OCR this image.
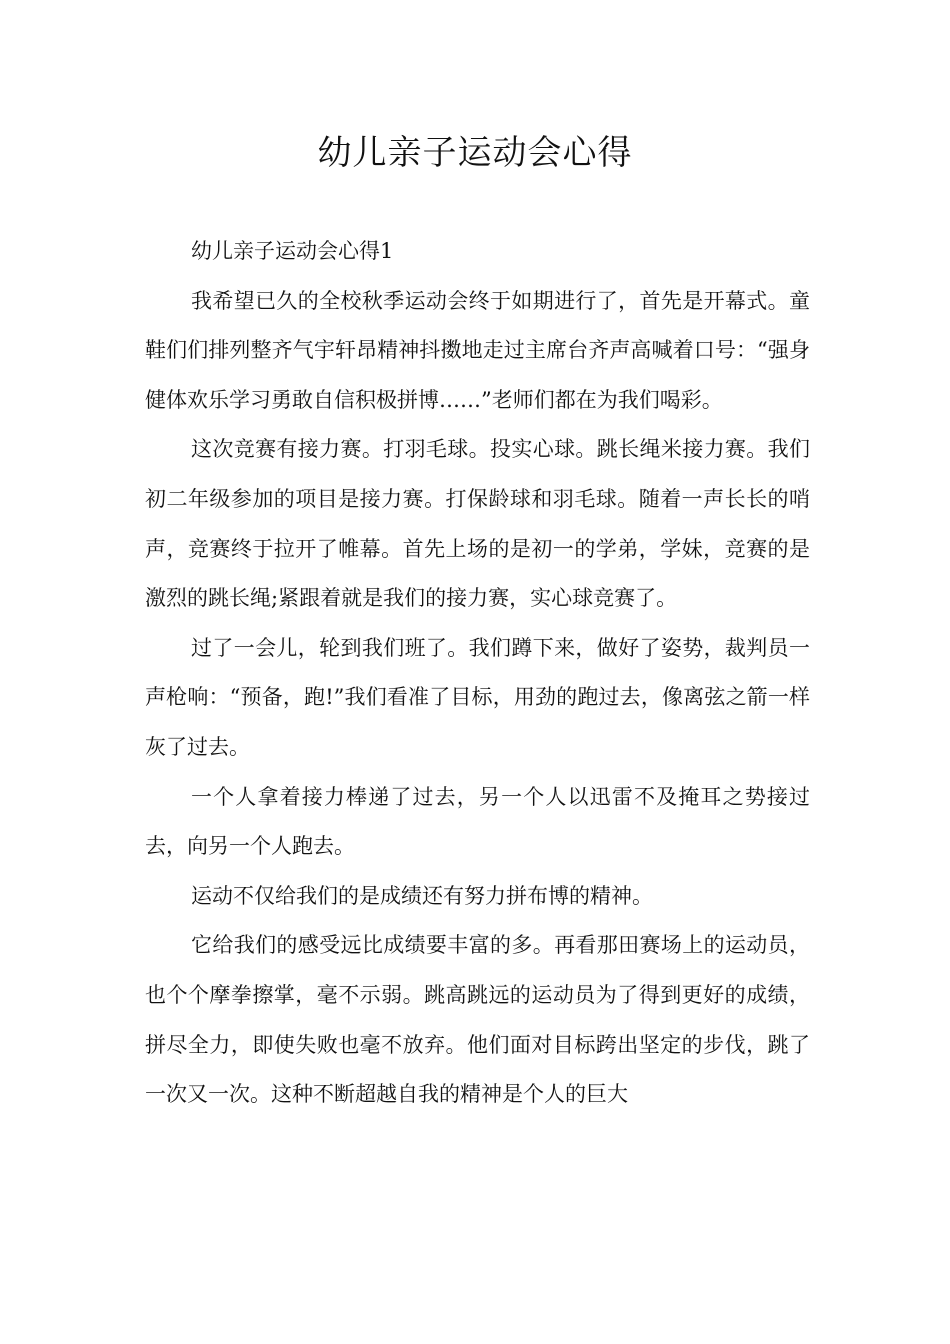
幼儿亲子运动会心得

幼儿亲子运动会心得1

我希望已久的全校秋季运动会终于如期进行了，首先是开幕式。童鞋们们排列整齐气宇轩昂精神抖擞地走过主席台齐声高喊着口号：“强身健体欢乐学习勇敢自信积极拼博……”老师们都在为我们喝彩。

这次竞赛有接力赛。打羽毛球。投实心球。跳长绳米接力赛。我们初二年级参加的项目是接力赛。打保龄球和羽毛球。随着一声长长的哨声，竞赛终于拉开了帷幕。首先上场的是初一的学弟，学妹，竞赛的是激烈的跳长绳;紧跟着就是我们的接力赛，实心球竞赛了。

过了一会儿，轮到我们班了。我们蹲下来，做好了姿势，裁判员一声枪响：“预备，跑!”我们看准了目标，用劲的跑过去，像离弦之箭一样灰了过去。

一个人拿着接力棒递了过去，另一个人以迅雷不及掩耳之势接过去，向另一个人跑去。

运动不仅给我们的是成绩还有努力拼布博的精神。

它给我们的感受远比成绩要丰富的多。再看那田赛场上的运动员，也个个摩拳擦掌，毫不示弱。跳高跳远的运动员为了得到更好的成绩，拼尽全力，即使失败也毫不放弃。他们面对目标跨出坚定的步伐，跳了一次又一次。这种不断超越自我的精神是个人的巨大
